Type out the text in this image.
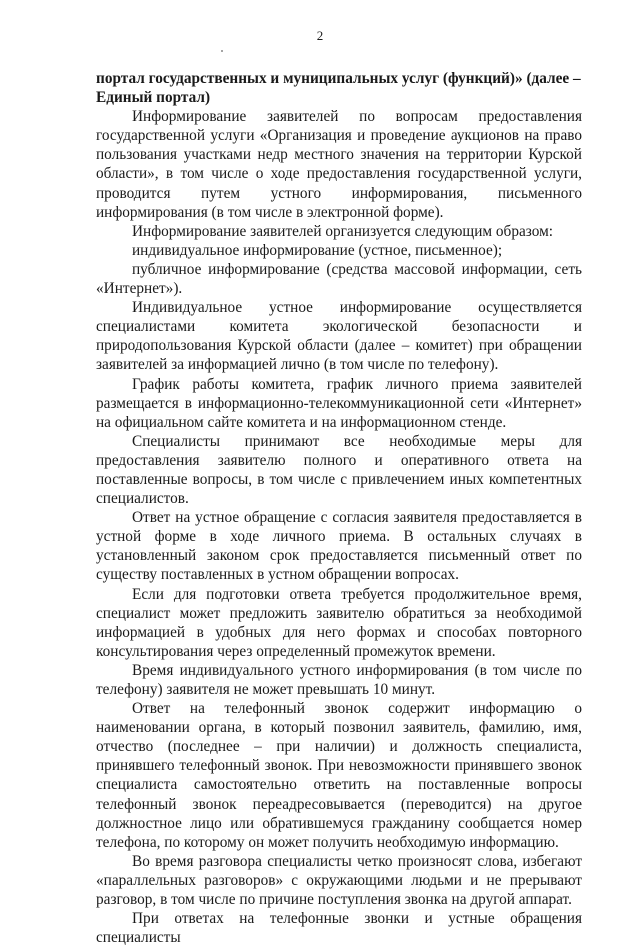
2

портал государственных и муниципальных услуг (функций)» (далее – Единый портал)

Информирование заявителей по вопросам предоставления государственной услуги «Организация и проведение аукционов на право пользования участками недр местного значения на территории Курской области», в том числе о ходе предоставления государственной услуги, проводится путем устного информирования, письменного информирования (в том числе в электронной форме).

Информирование заявителей организуется следующим образом:

индивидуальное информирование (устное, письменное);

публичное информирование (средства массовой информации, сеть «Интернет»).

Индивидуальное устное информирование осуществляется специалистами комитета экологической безопасности и природопользования Курской области (далее – комитет) при обращении заявителей за информацией лично (в том числе по телефону).

График работы комитета, график личного приема заявителей размещается в информационно-телекоммуникационной сети «Интернет» на официальном сайте комитета и на информационном стенде.

Специалисты принимают все необходимые меры для предоставления заявителю полного и оперативного ответа на поставленные вопросы, в том числе с привлечением иных компетентных специалистов.

Ответ на устное обращение с согласия заявителя предоставляется в устной форме в ходе личного приема. В остальных случаях в установленный законом срок предоставляется письменный ответ по существу поставленных в устном обращении вопросах.

Если для подготовки ответа требуется продолжительное время, специалист может предложить заявителю обратиться за необходимой информацией в удобных для него формах и способах повторного консультирования через определенный промежуток времени.

Время индивидуального устного информирования (в том числе по телефону) заявителя не может превышать 10 минут.

Ответ на телефонный звонок содержит информацию о наименовании органа, в который позвонил заявитель, фамилию, имя, отчество (последнее – при наличии) и должность специалиста, принявшего телефонный звонок. При невозможности принявшего звонок специалиста самостоятельно ответить на поставленные вопросы телефонный звонок переадресовывается (переводится) на другое должностное лицо или обратившемуся гражданину сообщается номер телефона, по которому он может получить необходимую информацию.

Во время разговора специалисты четко произносят слова, избегают «параллельных разговоров» с окружающими людьми и не прерывают разговор, в том числе по причине поступления звонка на другой аппарат.

При ответах на телефонные звонки и устные обращения специалисты
